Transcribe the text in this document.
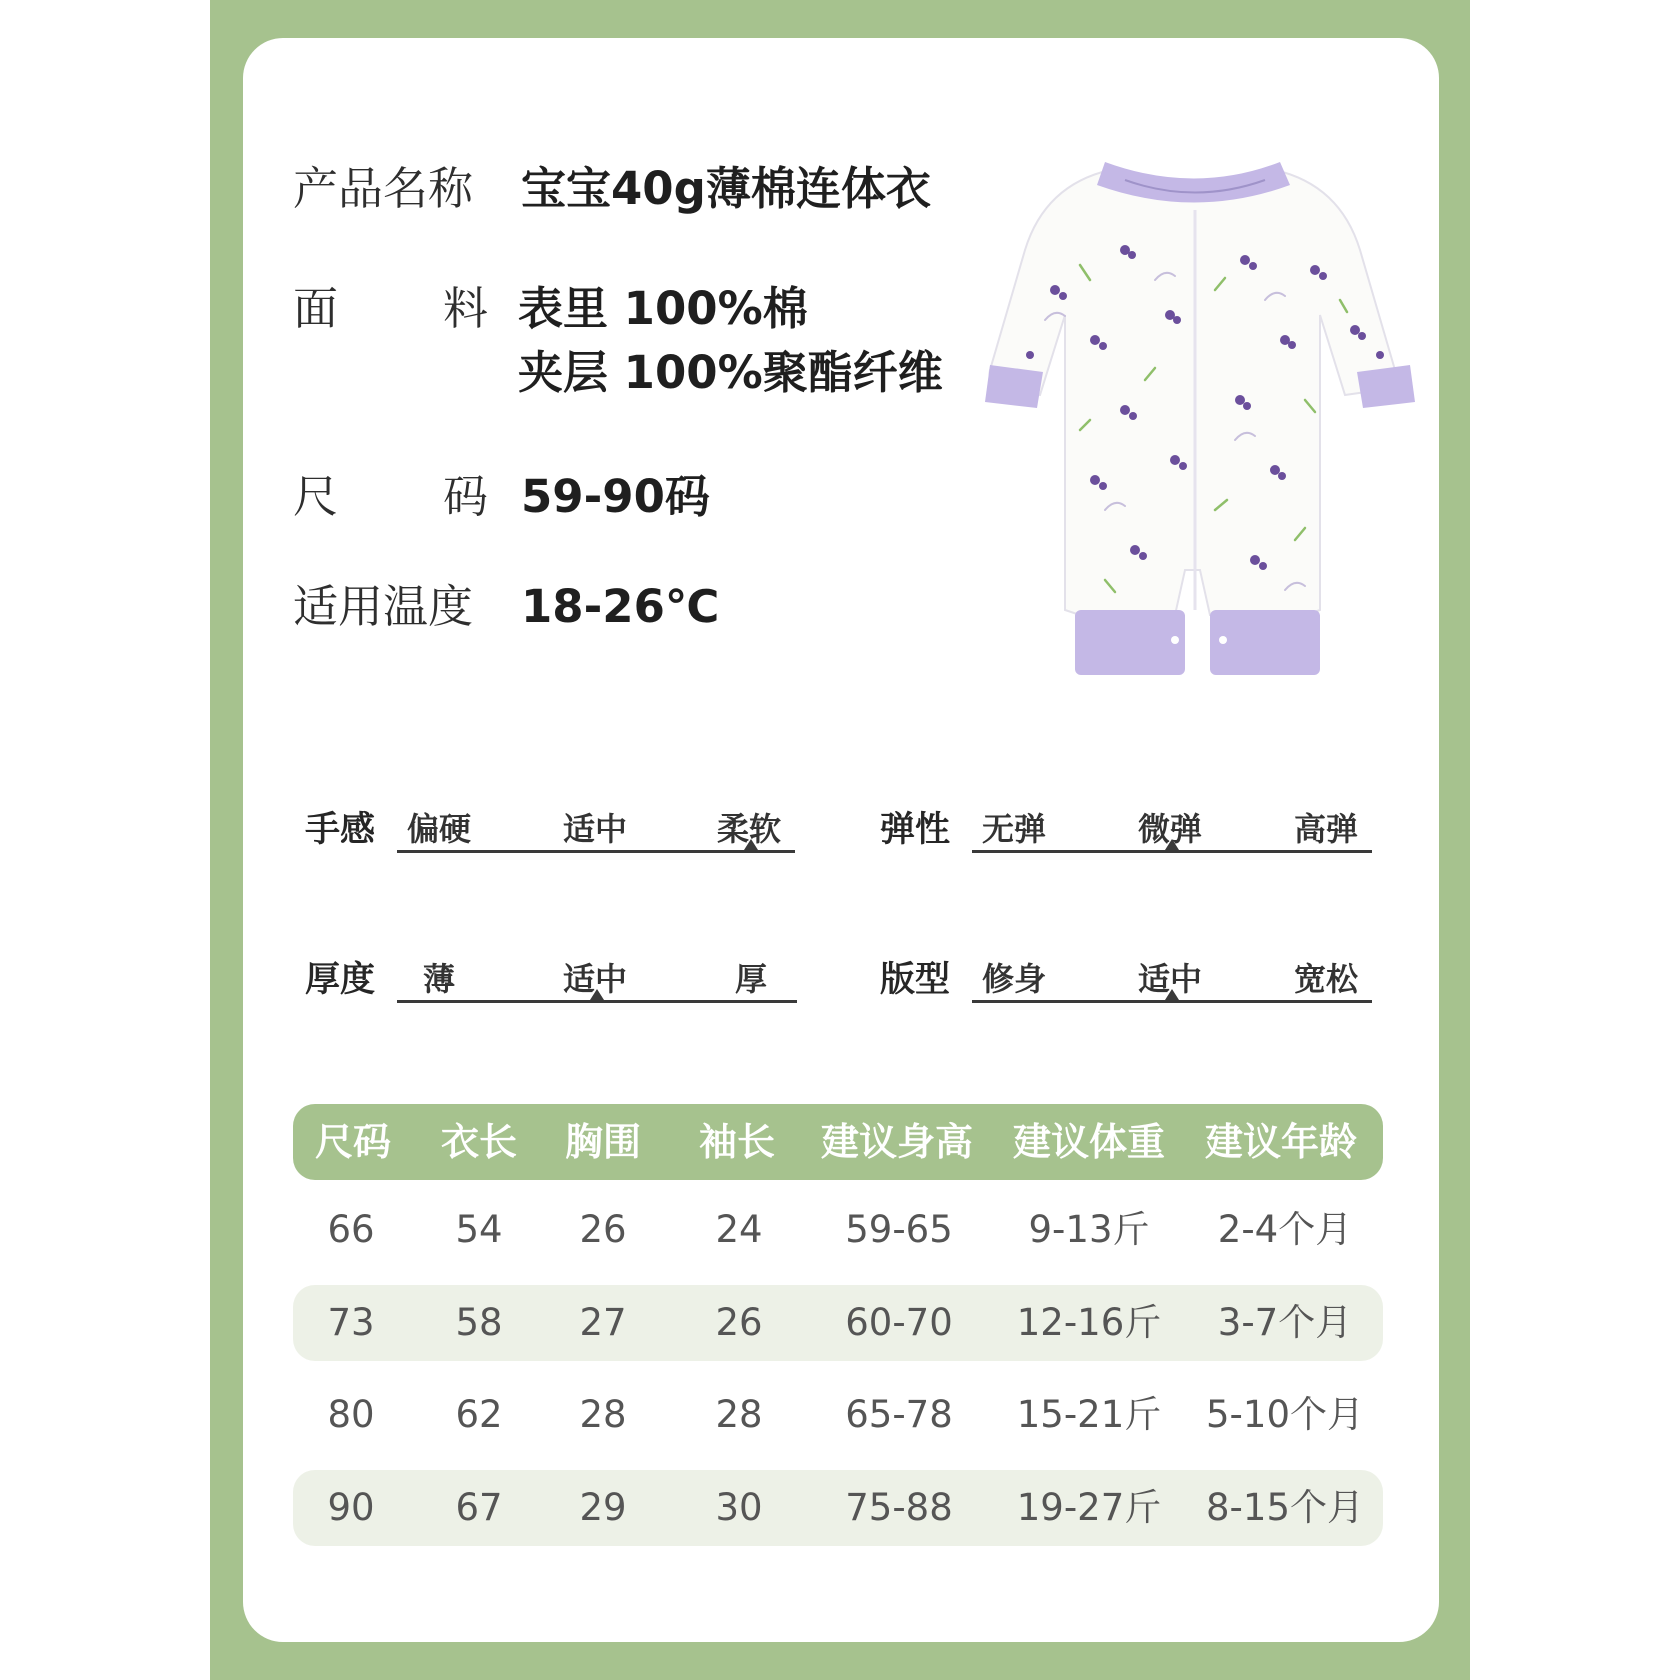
产品名称 宝宝40g薄棉连体衣
面 料 表里 100%棉
夹层 100%聚酯纤维
尺 码 59-90码
适用温度 18-26℃
手感 偏硬	适中	柔软	弹性 无弹	微弹	高弹
厚度 薄	适中	厚	版型 修身	适中	宽松
尺码 衣长 胸围 袖长 建议身高 建议体重 建议年龄
66 54 26 24 59-65 9-13斤 2-4个月
73 58 27 26 60-70 12-16斤 3-7个月
80 62 28 28 65-78 15-21斤 5-10个月
90 67 29 30 75-88 19-27斤 8-15个月
